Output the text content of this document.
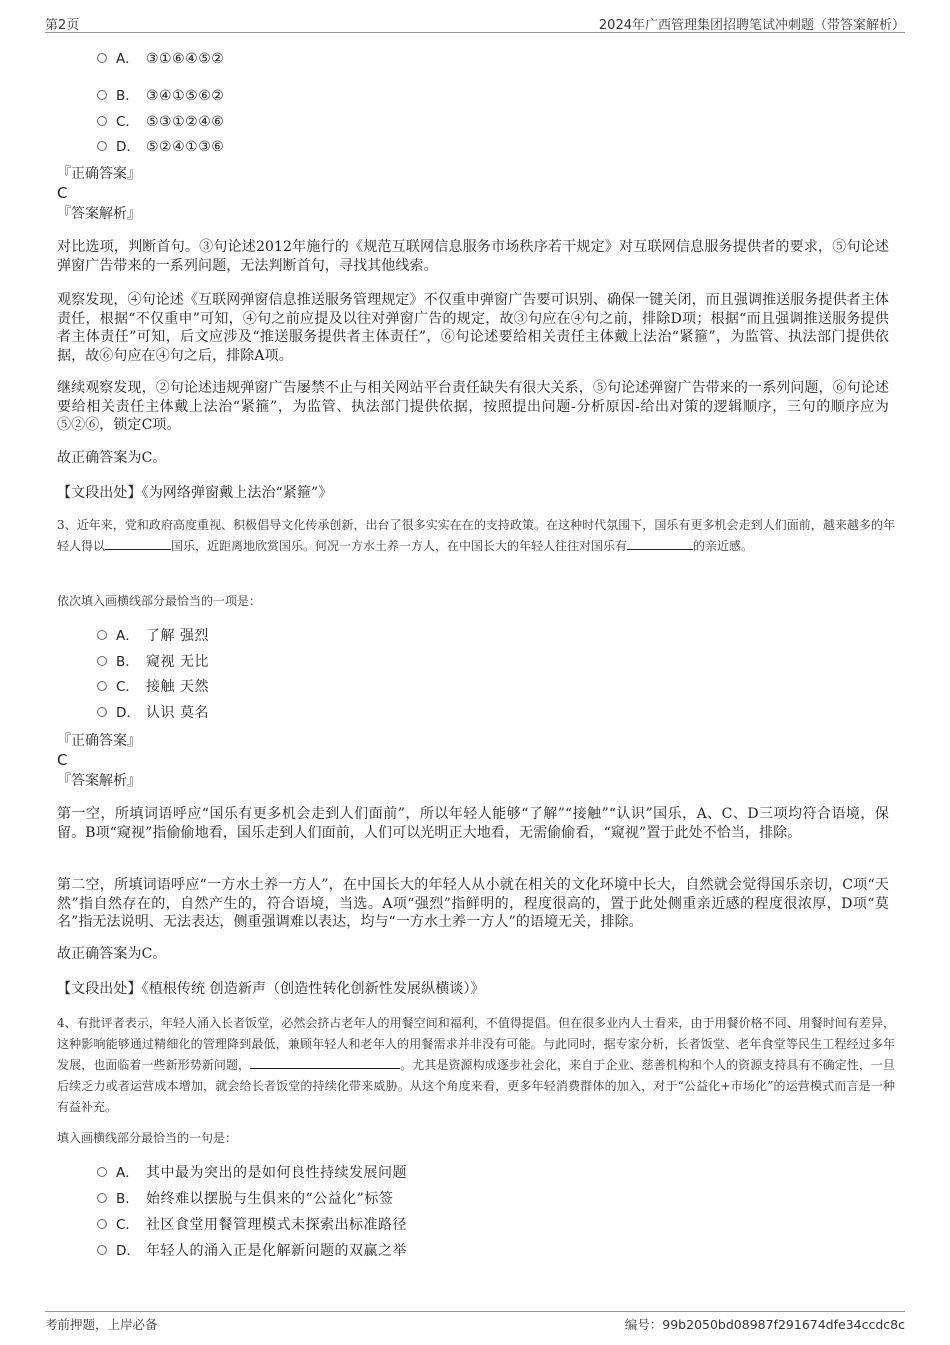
第2页	2024年广西管理集团招聘笔试冲刺题（带答案解析）
A． ③①⑥④⑤②
B． ③④①⑤⑥②
C． ⑤③①②④⑥
D． ⑤②④①③⑥
『正确答案』
C
『答案解析』
对比选项，判断首句。③句论述2012年施行的《规范互联网信息服务市场秩序若干规定》对互联网信息服务提供者的要求，⑤句论述弹窗广告带来的一系列问题，无法判断首句，寻找其他线索。
观察发现，④句论述《互联网弹窗信息推送服务管理规定》不仅重申弹窗广告要可识别、确保一键关闭，而且强调推送服务提供者主体责任，根据“不仅重申”可知，④句之前应提及以往对弹窗广告的规定，故③句应在④句之前，排除D项；根据“而且强调推送服务提供者主体责任”可知，后文应涉及“推送服务提供者主体责任”，⑥句论述要给相关责任主体戴上法治“紧箍”，为监管、执法部门提供依据，故⑥句应在④句之后，排除A项。
继续观察发现，②句论述违规弹窗广告屡禁不止与相关网站平台责任缺失有很大关系，⑤句论述弹窗广告带来的一系列问题，⑥句论述要给相关责任主体戴上法治“紧箍”，为监管、执法部门提供依据，按照提出问题-分析原因-给出对策的逻辑顺序，三句的顺序应为⑤②⑥，锁定C项。
故正确答案为C。
【文段出处】《为网络弹窗戴上法治“紧箍”》
3、近年来，党和政府高度重视、积极倡导文化传承创新，出台了很多实实在在的支持政策。在这种时代氛围下，国乐有更多机会走到人们面前，越来越多的年轻人得以	国乐，近距离地欣赏国乐。何况一方水土养一方人，在中国长大的年轻人往往对国乐有	的亲近感。
依次填入画横线部分最恰当的一项是：
A． 了解 强烈
B． 窥视 无比
C． 接触 天然
D． 认识 莫名
『正确答案』
C
『答案解析』
第一空，所填词语呼应“国乐有更多机会走到人们面前”，所以年轻人能够“了解”“接触”“认识”国乐，A、C、D三项均符合语境，保留。B项“窥视”指偷偷地看，国乐走到人们面前，人们可以光明正大地看，无需偷偷看，“窥视”置于此处不恰当，排除。
第二空，所填词语呼应“一方水土养一方人”，在中国长大的年轻人从小就在相关的文化环境中长大，自然就会觉得国乐亲切，C项“天然”指自然存在的，自然产生的，符合语境，当选。A项“强烈”指鲜明的，程度很高的，置于此处侧重亲近感的程度很浓厚，D项“莫名”指无法说明、无法表达，侧重强调难以表达，均与“一方水土养一方人”的语境无关，排除。
故正确答案为C。
【文段出处】《植根传统 创造新声（创造性转化创新性发展纵横谈）》
4、有批评者表示，年轻人涌入长者饭堂，必然会挤占老年人的用餐空间和福利，不值得提倡。但在很多业内人士看来，由于用餐价格不同、用餐时间有差异，这种影响能够通过精细化的管理降到最低，兼顾年轻人和老年人的用餐需求并非没有可能。与此同时，据专家分析，长者饭堂、老年食堂等民生工程经过多年发展，也面临着一些新形势新问题，	。尤其是资源构成逐步社会化，来自于企业、慈善机构和个人的资源支持具有不确定性，一旦后续乏力或者运营成本增加，就会给长者饭堂的持续化带来威胁。从这个角度来看，更多年轻消费群体的加入，对于“公益化+市场化”的运营模式而言是一种有益补充。
填入画横线部分最恰当的一句是：
A． 其中最为突出的是如何良性持续发展问题
B． 始终难以摆脱与生俱来的“公益化”标签
C． 社区食堂用餐管理模式未探索出标准路径
D． 年轻人的涌入正是化解新问题的双赢之举
考前押题，上岸必备	编号：99b2050bd08987f291674dfe34ccdc8c
